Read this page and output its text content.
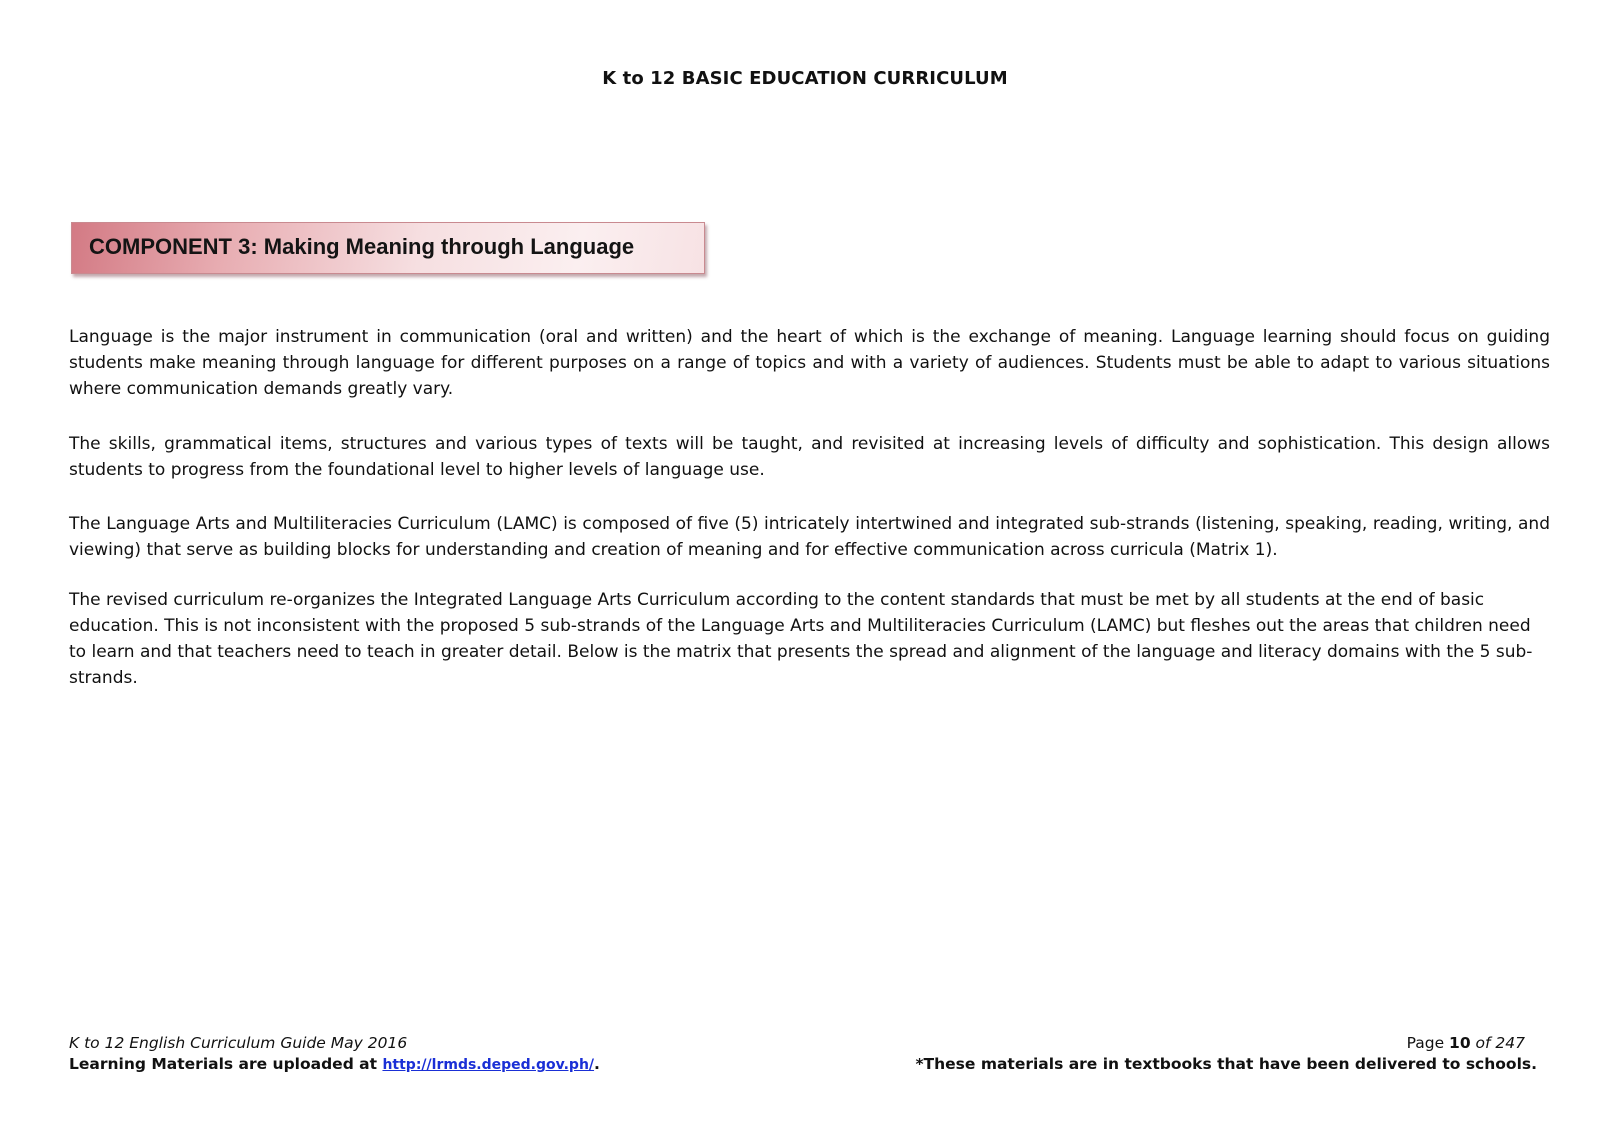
K to 12 BASIC EDUCATION CURRICULUM
COMPONENT 3: Making Meaning through Language

Language is the major instrument in communication (oral and written) and the heart of which is the exchange of meaning. Language learning should focus on guiding students make meaning through language for different purposes on a range of topics and with a variety of audiences. Students must be able to adapt to various situations where communication demands greatly vary.

The skills, grammatical items, structures and various types of texts will be taught, and revisited at increasing levels of difficulty and sophistication. This design allows students to progress from the foundational level to higher levels of language use.

The Language Arts and Multiliteracies Curriculum (LAMC) is composed of five (5) intricately intertwined and integrated sub-strands (listening, speaking, reading, writing, and viewing) that serve as building blocks for understanding and creation of meaning and for effective communication across curricula (Matrix 1).

The revised curriculum re-organizes the Integrated Language Arts Curriculum according to the content standards that must be met by all students at the end of basic education. This is not inconsistent with the proposed 5 sub-strands of the Language Arts and Multiliteracies Curriculum (LAMC) but fleshes out the areas that children need to learn and that teachers need to teach in greater detail. Below is the matrix that presents the spread and alignment of the language and literacy domains with the 5 sub-strands.

K to 12 English Curriculum Guide May 2016
Learning Materials are uploaded at http://lrmds.deped.gov.ph/.
Page 10 of 247
*These materials are in textbooks that have been delivered to schools.
